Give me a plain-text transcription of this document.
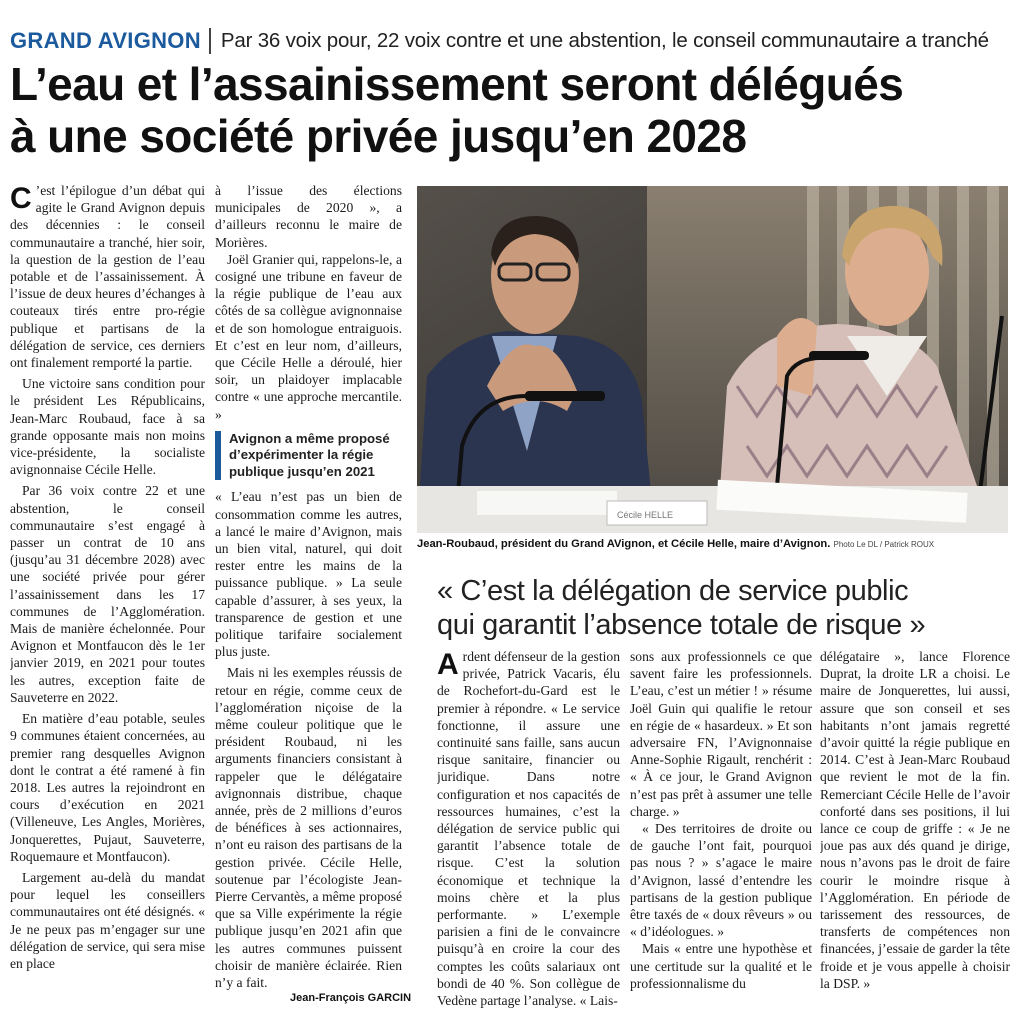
GRAND AVIGNON Par 36 voix pour, 22 voix contre et une abstention, le conseil communautaire a tranché
L’eau et l’assainissement seront délégués
à une société privée jusqu’en 2028

C ’est l’épilogue d’un débat qui agite le Grand Avignon depuis des décennies : le conseil communautaire a tranché, hier soir, la question de la gestion de l’eau potable et de l’assainissement. À l’issue de deux heures d’échanges à couteaux tirés entre pro-régie publique et partisans de la délégation de service, ces derniers ont finalement remporté la partie.

Une victoire sans condition pour le président Les Républicains, Jean-Marc Roubaud, face à sa grande opposante mais non moins vice-présidente, la socialiste avignonnaise Cécile Helle.

Par 36 voix contre 22 et une abstention, le conseil communautaire s’est engagé à passer un contrat de 10 ans (jusqu’au 31 décembre 2028) avec une société privée pour gérer l’assainissement dans les 17 communes de l’Agglomération. Mais de manière échelonnée. Pour Avignon et Montfaucon dès le 1er janvier 2019, en 2021 pour toutes les autres, exception faite de Sauveterre en 2022.

En matière d’eau potable, seules 9 communes étaient concernées, au premier rang desquelles Avignon dont le contrat a été ramené à fin 2018. Les autres la rejoindront en cours d’exécution en 2021 (Villeneuve, Les Angles, Morières, Jonquerettes, Pujaut, Sauveterre, Roquemaure et Montfaucon).

Largement au-delà du mandat pour lequel les conseillers communautaires ont été désignés. « Je ne peux pas m’engager sur une délégation de service, qui sera mise en place

à l’issue des élections municipales de 2020 », a d’ailleurs reconnu le maire de Morières.

Joël Granier qui, rappelons-le, a cosigné une tribune en faveur de la régie publique de l’eau aux côtés de sa collègue avignonnaise et de son homologue entraiguois. Et c’est en leur nom, d’ailleurs, que Cécile Helle a déroulé, hier soir, un plaidoyer implacable contre « une approche mercantile. »

Avignon a même proposé d’expérimenter la régie publique jusqu’en 2021

« L’eau n’est pas un bien de consommation comme les autres, a lancé le maire d’Avignon, mais un bien vital, naturel, qui doit rester entre les mains de la puissance publique. » La seule capable d’assurer, à ses yeux, la transparence de gestion et une politique tarifaire socialement plus juste.

Mais ni les exemples réussis de retour en régie, comme ceux de l’agglomération niçoise de la même couleur politique que le président Roubaud, ni les arguments financiers consistant à rappeler que le délégataire avignonnais distribue, chaque année, près de 2 millions d’euros de bénéfices à ses actionnaires, n’ont eu raison des partisans de la gestion privée. Cécile Helle, soutenue par l’écologiste Jean-Pierre Cervantès, a même proposé que sa Ville expérimente la régie publique jusqu’en 2021 afin que les autres communes puissent choisir de manière éclairée. Rien n’y a fait.

Jean-François GARCIN
Cécile HELLE
Jean-Roubaud, président du Grand AVignon, et Cécile Helle, maire d’Avignon. Photo Le DL / Patrick ROUX
« C’est la délégation de service public
qui garantit l’absence totale de risque »

Ardent défenseur de la gestion privée, Patrick Vacaris, élu de Rochefort-du-Gard est le premier à répondre. « Le service fonctionne, il assure une continuité sans faille, sans aucun risque sanitaire, financier ou juridique. Dans notre configuration et nos capacités de ressources humaines, c’est la délégation de service public qui garantit l’absence totale de risque. C’est la solution économique et technique la moins chère et la plus performante. » L’exemple parisien a fini de le convaincre puisqu’à en croire la cour des comptes les coûts salariaux ont bondi de 40 %. Son collègue de Vedène partage l’analyse. « Lais-

sons aux professionnels ce que savent faire les professionnels. L’eau, c’est un métier ! » résume Joël Guin qui qualifie le retour en régie de « hasardeux. » Et son adversaire FN, l’Avignonnaise Anne-Sophie Rigault, renchérit : « À ce jour, le Grand Avignon n’est pas prêt à assumer une telle charge. »

« Des territoires de droite ou de gauche l’ont fait, pourquoi pas nous ? » s’agace le maire d’Avignon, lassé d’entendre les partisans de la gestion publique être taxés de « doux rêveurs » ou « d’idéologues. »

Mais « entre une hypothèse et une certitude sur la qualité et le professionnalisme du

délégataire », lance Florence Duprat, la droite LR a choisi. Le maire de Jonquerettes, lui aussi, assure que son conseil et ses habitants n’ont jamais regretté d’avoir quitté la régie publique en 2014. C’est à Jean-Marc Roubaud que revient le mot de la fin. Remerciant Cécile Helle de l’avoir conforté dans ses positions, il lui lance ce coup de griffe : « Je ne joue pas aux dés quand je dirige, nous n’avons pas le droit de faire courir le moindre risque à l’Agglomération. En période de tarissement des ressources, de transferts de compétences non financées, j’essaie de garder la tête froide et je vous appelle à choisir la DSP. »
